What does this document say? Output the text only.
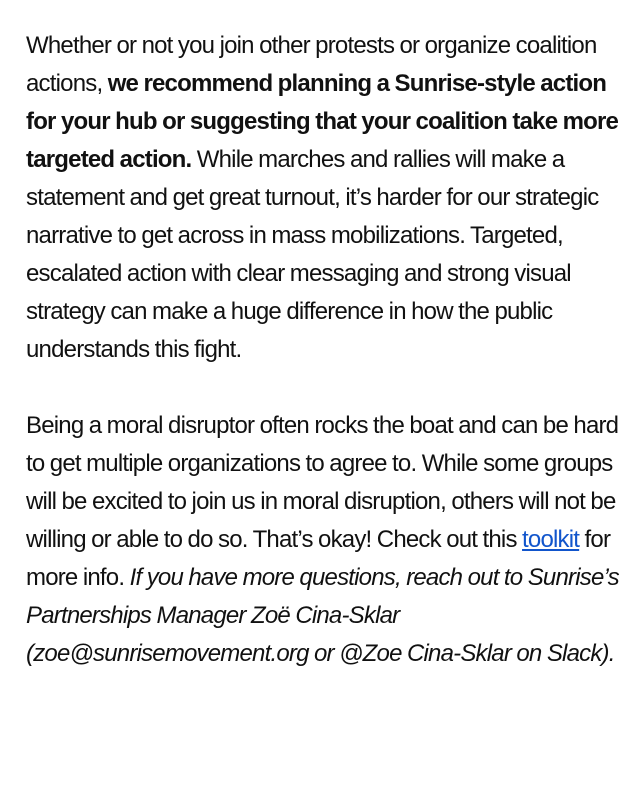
Whether or not you join other protests or organize coalition actions, we recommend planning a Sunrise-style action for your hub or suggesting that your coalition take more targeted action. While marches and rallies will make a statement and get great turnout, it’s harder for our strategic narrative to get across in mass mobilizations. Targeted, escalated action with clear messaging and strong visual strategy can make a huge difference in how the public understands this fight.

Being a moral disruptor often rocks the boat and can be hard to get multiple organizations to agree to. While some groups will be excited to join us in moral disruption, others will not be willing or able to do so. That’s okay! Check out this toolkit for more info. If you have more questions, reach out to Sunrise’s Partnerships Manager Zoë Cina-Sklar (zoe@sunrisemovement.org or @Zoe Cina-Sklar on Slack).
